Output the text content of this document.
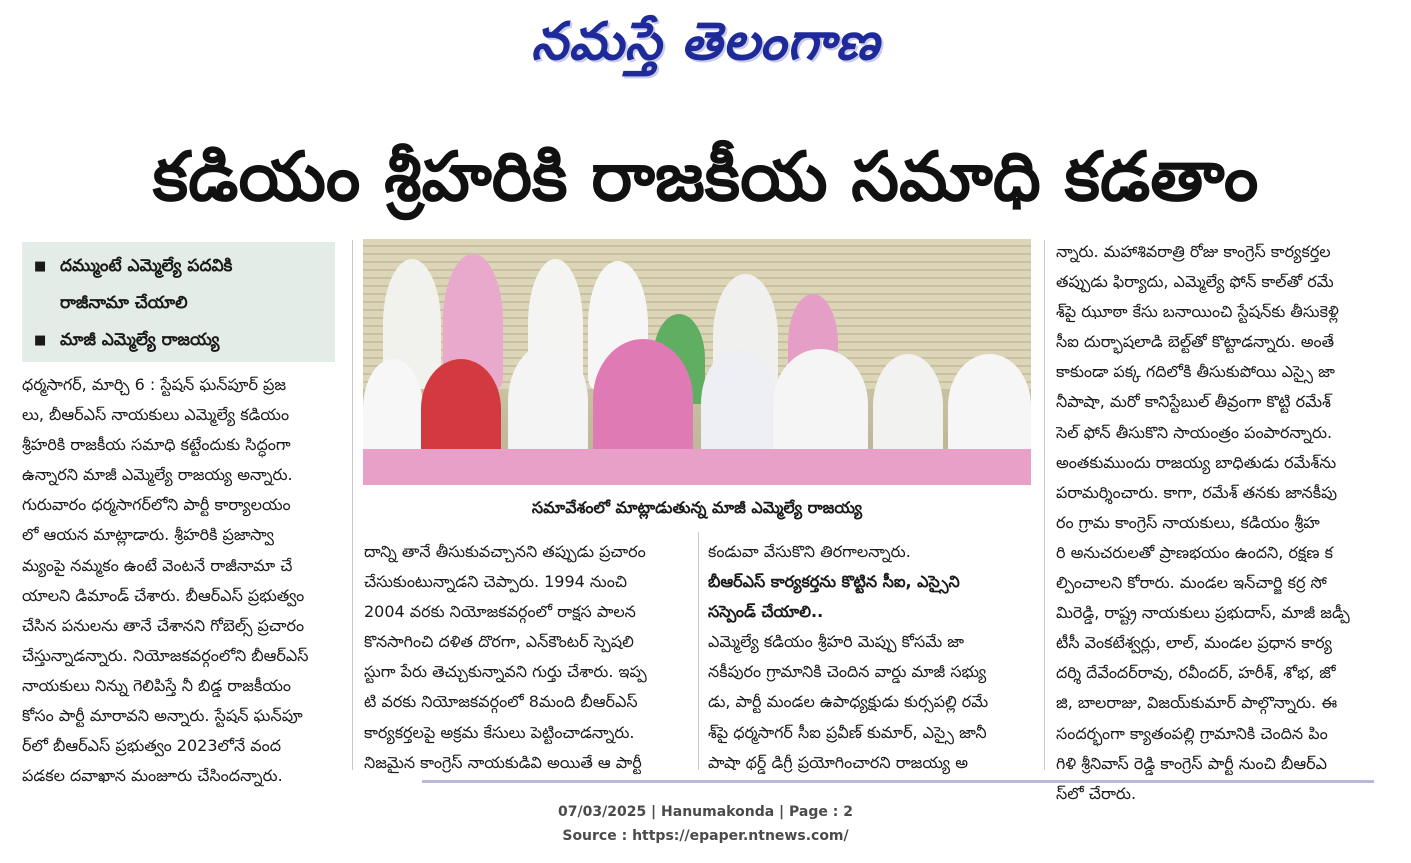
నమస్తే తెలంగాణ
కడియం శ్రీహరికి రాజకీయ సమాధి కడతాం
■ దమ్ముంటే ఎమ్మెల్యే పదవికి
రాజీనామా చేయాలి
■ మాజీ ఎమ్మెల్యే రాజయ్య
సమావేశంలో మాట్లాడుతున్న మాజీ ఎమ్మెల్యే రాజయ్య

ధర్మసాగర్, మార్చి 6 : స్టేషన్ ఘన్‌పూర్ ప్రజ

లు, బీఆర్‌ఎస్ నాయకులు ఎమ్మెల్యే కడియం

శ్రీహరికి రాజకీయ సమాధి కట్టేందుకు సిద్ధంగా

ఉన్నారని మాజీ ఎమ్మెల్యే రాజయ్య అన్నారు.

గురువారం ధర్మసాగర్‌లోని పార్టీ కార్యాలయం

లో ఆయన మాట్లాడారు. శ్రీహరికి ప్రజాస్వా

మ్యంపై నమ్మకం ఉంటే వెంటనే రాజీనామా చే

యాలని డిమాండ్ చేశారు. బీఆర్‌ఎస్ ప్రభుత్వం

చేసిన పనులను తానే చేశానని గోబెల్స్ ప్రచారం

చేస్తున్నాడన్నారు. నియోజకవర్గంలోని బీఆర్‌ఎస్

నాయకులు నిన్ను గెలిపిస్తే నీ బిడ్డ రాజకీయం

కోసం పార్టీ మారావని అన్నారు. స్టేషన్ ఘన్‌పూ

ర్‌లో బీఆర్‌ఎస్ ప్రభుత్వం 2023లోనే వంద

పడకల దవాఖాన మంజూరు చేసిందన్నారు.

దాన్ని తానే తీసుకువచ్చానని తప్పుడు ప్రచారం

చేసుకుంటున్నాడని చెప్పారు. 1994 నుంచి

2004 వరకు నియోజకవర్గంలో రాక్షస పాలన

కొనసాగించి దళిత దొరగా, ఎన్‌కౌంటర్ స్పెషలి

స్టుగా పేరు తెచ్చుకున్నావని గుర్తు చేశారు. ఇప్ప

టి వరకు నియోజకవర్గంలో 8మంది బీఆర్‌ఎస్

కార్యకర్తలపై అక్రమ కేసులు పెట్టించాడన్నారు.

నిజమైన కాంగ్రెస్ నాయకుడివి అయితే ఆ పార్టీ

కండువా వేసుకొని తిరగాలన్నారు.

బీఆర్‌ఎస్ కార్యకర్తను కొట్టిన సీఐ, ఎస్సైని

సస్పెండ్ చేయాలి..

ఎమ్మెల్యే కడియం శ్రీహరి మెప్పు కోసమే జా

నకీపురం గ్రామానికి చెందిన వార్డు మాజీ సభ్యు

డు, పార్టీ మండల ఉపాధ్యక్షుడు కుర్సపల్లి రమే

శ్‌పై ధర్మసాగర్ సీఐ ప్రవీణ్ కుమార్, ఎస్సై జానీ

పాషా థర్డ్ డిగ్రీ ప్రయోగించారని రాజయ్య అ

న్నారు. మహాశివరాత్రి రోజు కాంగ్రెస్ కార్యకర్తల

తప్పుడు ఫిర్యాదు, ఎమ్మెల్యే ఫోన్ కాల్‌తో రమే

శ్‌పై ఝూఠా కేసు బనాయించి స్టేషన్‌కు తీసుకెళ్లి

సీఐ దుర్భాషలాడి బెల్ట్‌తో కొట్టాడన్నారు. అంతే

కాకుండా పక్క గదిలోకి తీసుకుపోయి ఎస్సై జా

నీపాషా, మరో కానిస్టేబుల్ తీవ్రంగా కొట్టి రమేశ్

సెల్ ఫోన్ తీసుకొని సాయంత్రం పంపారన్నారు.

అంతకుముందు రాజయ్య బాధితుడు రమేశ్‌ను

పరామర్శించారు. కాగా, రమేశ్ తనకు జానకీపు

రం గ్రామ కాంగ్రెస్ నాయకులు, కడియం శ్రీహ

రి అనుచరులతో ప్రాణభయం ఉందని, రక్షణ క

ల్పించాలని కోరారు. మండల ఇన్‌చార్జి కర్ర సో

మిరెడ్డి, రాష్ట్ర నాయకులు ప్రభుదాస్, మాజీ జడ్పీ

టీసీ వెంకటేశ్వర్లు, లాల్, మండల ప్రధాన కార్య

దర్శి దేవేందర్‌రావు, రవీందర్, హరీశ్, శోభ, జో

జి, బాలరాజు, విజయ్‌కుమార్ పాల్గొన్నారు. ఈ

సందర్భంగా క్యాతంపల్లి గ్రామానికి చెందిన పిం

గిళి శ్రీనివాస్ రెడ్డి కాంగ్రెస్ పార్టీ నుంచి బీఆర్‌ఎ

స్‌లో చేరారు.

07/03/2025 | Hanumakonda | Page : 2
Source : https://epaper.ntnews.com/
